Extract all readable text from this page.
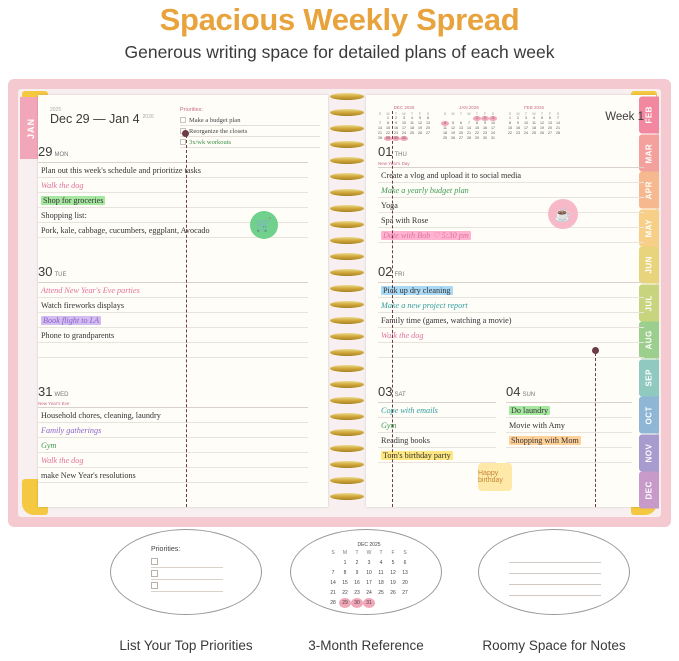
Spacious Weekly Spread
Generous writing space for detailed plans of each week
JAN
FEB
MAR
APR
MAY
JUN
JUL
AUG
SEP
OCT
NOV
DEC
2025
Dec 29 — Jan 4 $^{2026}$
Priorities:
Make a budget plan
Reorganize the closets
3x/wk workouts
29 MON
Plan out this week's schedule and prioritize tasks
Walk the dog
Shop for groceries
Shopping list:
Pork, kale, cabbage, cucumbers, eggplant, Avocado
30 TUE
Attend New Year's Eve parties
Watch fireworks displays
Book flight to LA
Phone to grandparents
31 WED
New Year's Eve
Household chores, cleaning, laundry
Family gatherings
Gym
Walk the dog
make New Year's resolutions
🛒
Week 1
DEC 2025
S	M	T	W	T	F	S
	1	2	3	4	5	6
7	8	9	10	11	12	13
14	15	16	17	18	19	20
21	22	23	24	25	26	27
28	29	30	31			
JAN 2026
S	M	T	W	T	F	S
				1	2	3
4	5	6	7	8	9	10
11	12	13	14	15	16	17
18	19	20	21	22	23	24
25	26	27	28	29	30	31
FEB 2026
S	M	T	W	T	F	S
1	2	3	4	5	6	7
8	9	10	11	12	13	14
15	16	17	18	19	20	21
22	23	24	25	26	27	28

01 THU
New Year's Day
Create a vlog and upload it to social media
Make a yearly budget plan
Yoga
Spa with Rose
Date with Bob ♡ 5:30 pm
02 FRI
Pick up dry cleaning
Make a new project report
Family time (games, watching a movie)
Walk the dog
03 SAT
Cope with emails
Gym
Reading books
Tom's birthday party
04 SUN
Do laundry
Movie with Amy
Shopping with Mom
☕
Happy birthday
Priorities:
DEC 2025
S	M	T	W	T	F	S
	1	2	3	4	5	6
7	8	9	10	11	12	13
14	15	16	17	18	19	20
21	22	23	24	25	26	27
28	29	30	31			
List Your Top Priorities	3-Month Reference	Roomy Space for Notes
